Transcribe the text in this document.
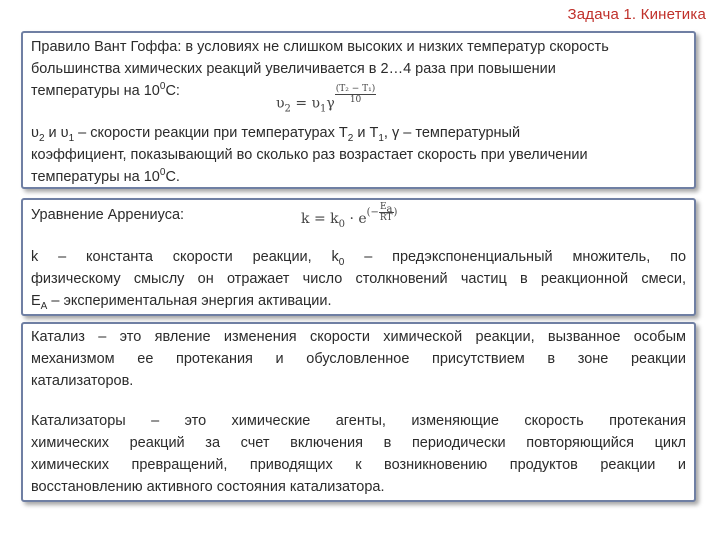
Задача 1. Кинетика
Правило Вант Гоффа: в условиях не слишком высоких и низких температур скорость
большинства химических реакций увеличивается в 2…4 раза при повышении
температуры на $10^0С$:
$\upsilon_2 = \upsilon_1\gamma \frac{\text{(T₂ − T₁)}}{10}$
$\upsilon_2$ и $\upsilon_1$ – скорости реакции при температурах $T_2$ и $T_1$, γ – температурный
коэффициент, показывающий во сколько раз возрастает скорость при увеличении
температуры на $10^0С$.
Уравнение Аррениуса:	$k = k_0 \cdot e(- \frac{E_a}{RT}$ )
k – константа скорости реакции, $k_0$ – предэкспоненциальный множитель, по
физическому смыслу он отражает число столкновений частиц в реакционной смеси,
$E_A$ – экспериментальная энергия активации.
Катализ – это явление изменения скорости химической реакции, вызванное особым
механизмом ее протекания и обусловленное присутствием в зоне реакции
катализаторов.
Катализаторы – это химические агенты, изменяющие скорость протекания
химических реакций за счет включения в периодически повторяющийся цикл
химических превращений, приводящих к возникновению продуктов реакции и
восстановлению активного состояния катализатора.
